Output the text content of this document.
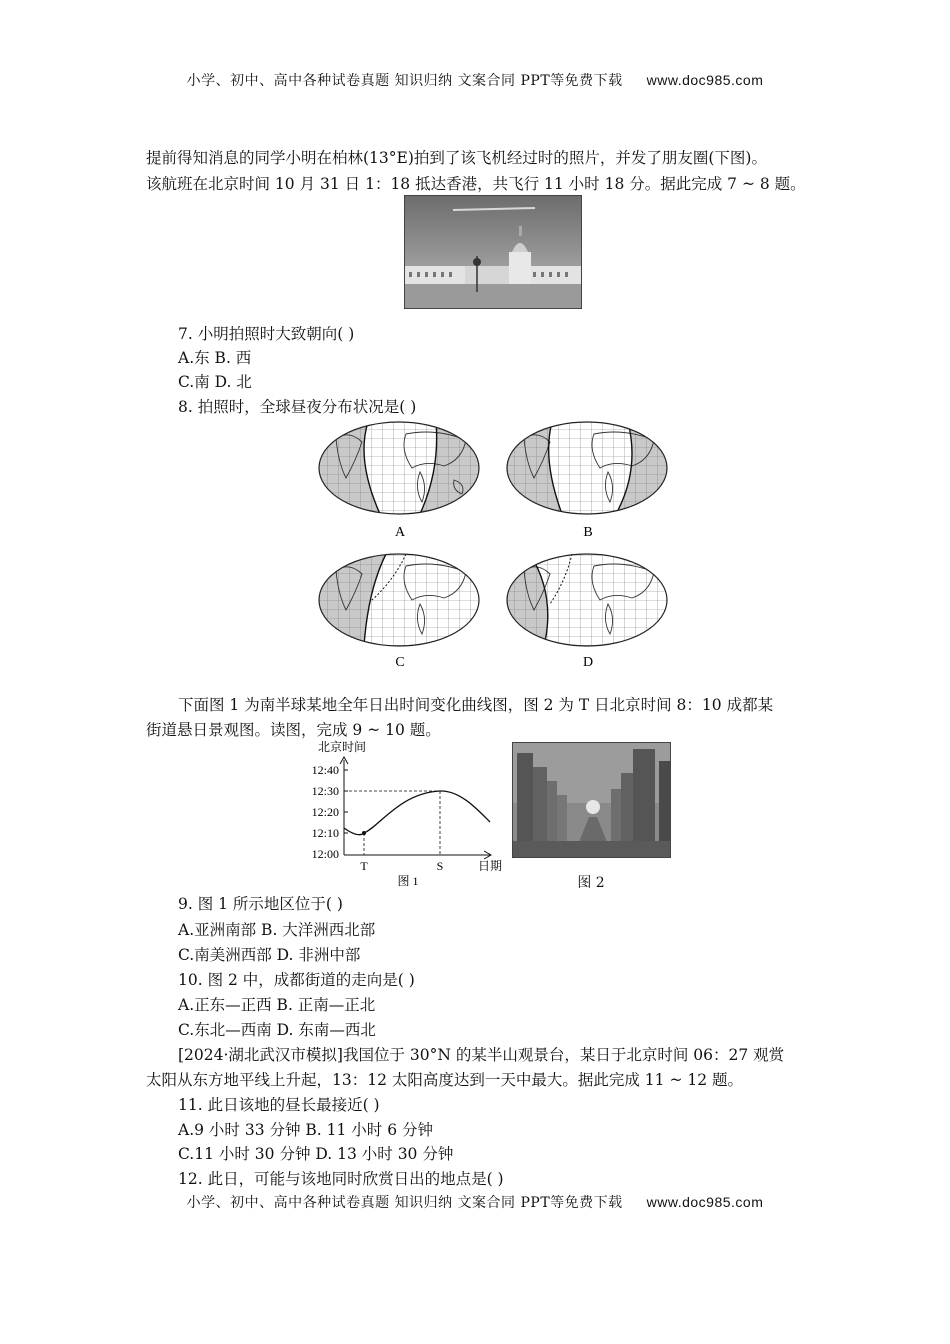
小学、初中、高中各种试卷真题 知识归纳 文案合同 PPT等免费下载 www.doc985.com
提前得知消息的同学小明在柏林(13°E)拍到了该飞机经过时的照片，并发了朋友圈(下图)。
该航班在北京时间 10 月 31 日 1：18 抵达香港，共飞行 11 小时 18 分。据此完成 7 ~ 8 题。
7. 小明拍照时大致朝向( )
A.东 B. 西
C.南 D. 北
8. 拍照时，全球昼夜分布状况是( )
A	B
C	D
下面图 1 为南半球某地全年日出时间变化曲线图，图 2 为 T 日北京时间 8：10 成都某
街道悬日景观图。读图，完成 9 ~ 10 题。
北京时间
12:40
12:30
12:20
12:10
12:00
T	S	日期
图 1	图 2
9. 图 1 所示地区位于( )
A.亚洲南部 B. 大洋洲西北部
C.南美洲西部 D. 非洲中部
10. 图 2 中，成都街道的走向是( )
A.正东—正西 B. 正南—正北
C.东北—西南 D. 东南—西北
[2024·湖北武汉市模拟]我国位于 30°N 的某半山观景台，某日于北京时间 06：27 观赏
太阳从东方地平线上升起，13：12 太阳高度达到一天中最大。据此完成 11 ~ 12 题。
11. 此日该地的昼长最接近( )
A.9 小时 33 分钟 B. 11 小时 6 分钟
C.11 小时 30 分钟 D. 13 小时 30 分钟
12. 此日，可能与该地同时欣赏日出的地点是( )
小学、初中、高中各种试卷真题 知识归纳 文案合同 PPT等免费下载 www.doc985.com
